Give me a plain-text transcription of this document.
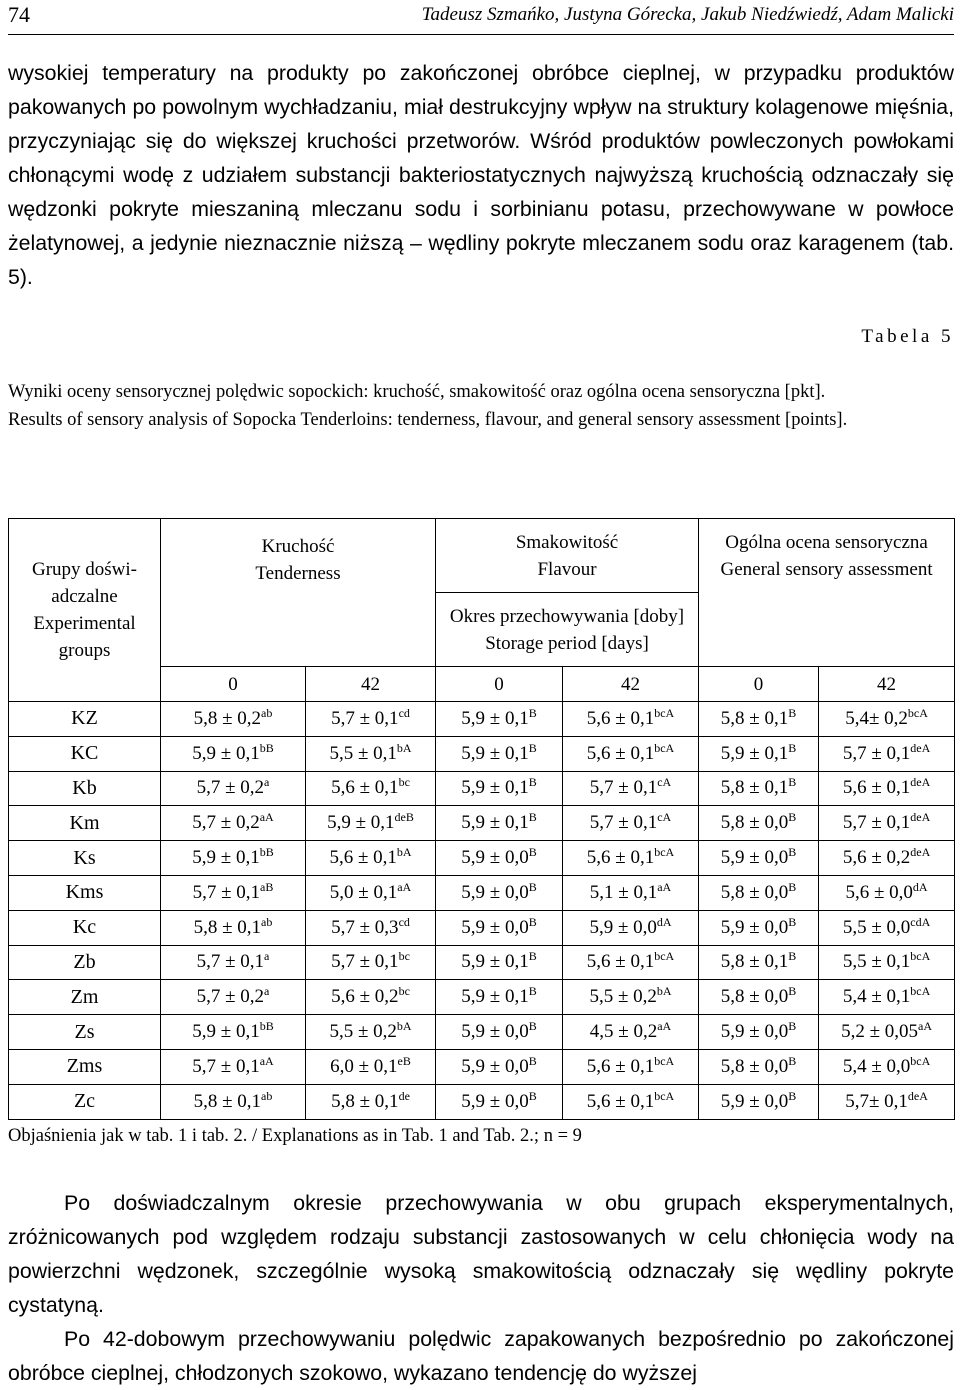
74	Tadeusz Szmańko, Justyna Górecka, Jakub Niedźwiedź, Adam Malicki

wysokiej temperatury na produkty po zakończonej obróbce cieplnej, w przypadku produktów pakowanych po powolnym wychładzaniu, miał destrukcyjny wpływ na struktury kolagenowe mięśnia, przyczyniając się do większej kruchości przetworów. Wśród produktów powleczonych powłokami chłonącymi wodę z udziałem substancji bakteriostatycznych najwyższą kruchością odznaczały się wędzonki pokryte mieszaniną mleczanu sodu i sorbinianu potasu, przechowywane w powłoce żelatynowej, a jedynie nieznacznie niższą – wędliny pokryte mleczanem sodu oraz karagenem (tab. 5).

Tabela 5

Wyniki oceny sensorycznej polędwic sopockich: kruchość, smakowitość oraz ogólna ocena sensoryczna [pkt].
Results of sensory analysis of Sopocka Tenderloins: tenderness, flavour, and general sensory assessment [points].

Grupy doświ-
adczalne
Experimental
groups	Kruchość
Tenderness		Smakowitość
Flavour		Ogólna ocena sensoryczna
General sensory assessment	
			Okres przechowywania [doby]
Storage period [days]			
	0	42	0	42	0	42
KZ	5,8 ± 0,2$^{ab}$	5,7 ± 0,1$^{cd}$	$5,9 \pm 0,1^B$	$5,6 \pm 0,1^{bcA}$	$5,8 \pm 0,1^B$	$5,4\pm 0,2^{bcA}$
KC	$5,9 \pm 0,1^{bB}$	$5,5 \pm 0,1^{bA}$	$5,9 \pm 0,1^B$	$5,6 \pm 0,1^{bcA}$	$5,9 \pm 0,1^B$	$5,7 \pm 0,1^{deA}$
Kb	5,7 ± 0,2$^a$	5,6 ± 0,1$^{bc}$	$5,9 \pm 0,1^B$	$5,7 \pm 0,1^{cA}$	$5,8 \pm 0,1^B$	$5,6 \pm 0,1^{deA}$
Km	$5,7 \pm 0,2^{aA}$	$5,9 \pm 0,1^{deB}$	$5,9 \pm 0,1^B$	$5,7 \pm 0,1^{cA}$	$5,8 \pm 0,0^B$	$5,7 \pm 0,1^{deA}$
Ks	$5,9 \pm 0,1^{bB}$	$5,6 \pm 0,1^{bA}$	$5,9 \pm 0,0^B$	$5,6 \pm 0,1^{bcA}$	$5,9 \pm 0,0^B$	$5,6 \pm 0,2^{deA}$
Kms	$5,7 \pm 0,1^{aB}$	$5,0 \pm 0,1^{aA}$	$5,9 \pm 0,0^B$	$5,1 \pm 0,1^{aA}$	$5,8 \pm 0,0^B$	$5,6 \pm 0,0^{dA}$
Kc	5,8 ± 0,1$^{ab}$	5,7 ± 0,3$^{cd}$	$5,9 \pm 0,0^B$	$5,9 \pm 0,0^{dA}$	$5,9 \pm 0,0^B$	$5,5 \pm 0,0^{cdA}$
Zb	5,7 ± 0,1$^a$	5,7 ± 0,1$^{bc}$	$5,9 \pm 0,1^B$	$5,6 \pm 0,1^{bcA}$	$5,8 \pm 0,1^B$	$5,5 \pm 0,1^{bcA}$
Zm	5,7 ± 0,2$^a$	5,6 ± 0,2$^{bc}$	$5,9 \pm 0,1^B$	$5,5 \pm 0,2^{bA}$	$5,8 \pm 0,0^B$	$5,4 \pm 0,1^{bcA}$
Zs	$5,9 \pm 0,1^{bB}$	$5,5 \pm 0,2^{bA}$	$5,9 \pm 0,0^B$	$4,5 \pm 0,2^{aA}$	$5,9 \pm 0,0^B$	$5,2 \pm 0,05^{aA}$
Zms	$5,7 \pm 0,1^{aA}$	$6,0 \pm 0,1^{eB}$	$5,9 \pm 0,0^B$	$5,6 \pm 0,1^{bcA}$	$5,8 \pm 0,0^B$	$5,4 \pm 0,0^{bcA}$
Zc	5,8 ± 0,1$^{ab}$	5,8 ± 0,1de	$5,9 \pm 0,0^B$	$5,6 \pm 0,1^{bcA}$	$5,9 \pm 0,0^B$	$5,7\pm 0,1^{deA}$
Objaśnienia jak w tab. 1 i tab. 2. / Explanations as in Tab. 1 and Tab. 2.; n = 9

Po doświadczalnym okresie przechowywania w obu grupach eksperymentalnych, zróżnicowanych pod względem rodzaju substancji zastosowanych w celu chłonięcia wody na powierzchni wędzonek, szczególnie wysoką smakowitością odznaczały się wędliny pokryte cystatyną.

Po 42-dobowym przechowywaniu polędwic zapakowanych bezpośrednio po zakończonej obróbce cieplnej, chłodzonych szokowo, wykazano tendencję do wyższej
